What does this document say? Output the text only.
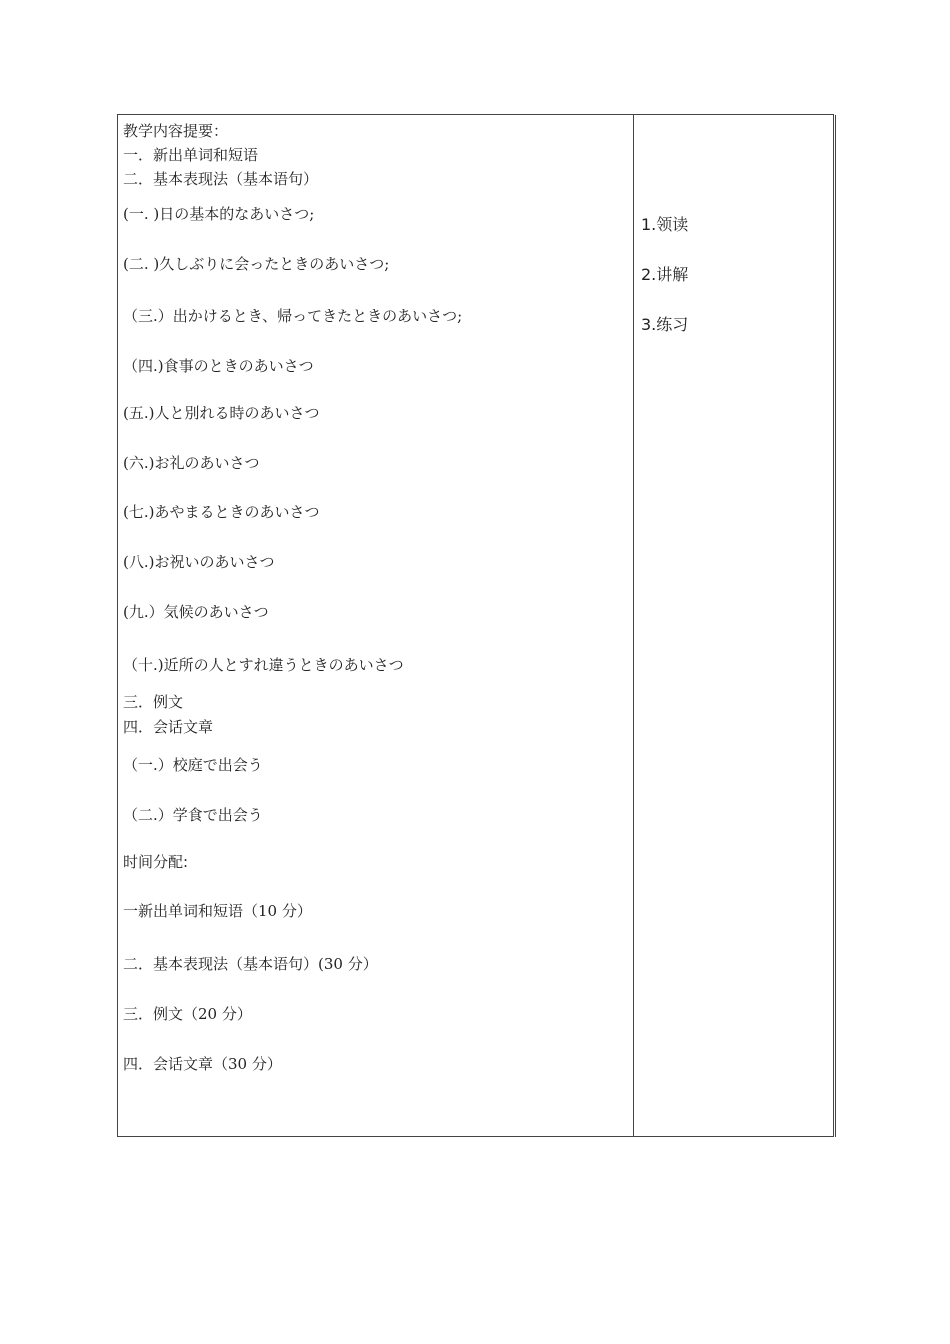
教学内容提要：
一．新出单词和短语
二．基本表现法（基本语句）
(一. )日の基本的なあいさつ;
(二. )久しぶりに会ったときのあいさつ;
（三.）出かけるとき、帰ってきたときのあいさつ;
（四.)食事のときのあいさつ
(五.)人と別れる時のあいさつ
(六.)お礼のあいさつ
(七.)あやまるときのあいさつ
(八.)お祝いのあいさつ
(九.）気候のあいさつ
（十.)近所の人とすれ違うときのあいさつ
三．例文
四．会话文章
（一.）校庭で出会う
（二.）学食で出会う
时间分配:
一新出单词和短语（10 分）
二．基本表现法（基本语句）(30 分）
三．例文（20 分）
四．会话文章（30 分）
1.领读
2.讲解
3.练习
